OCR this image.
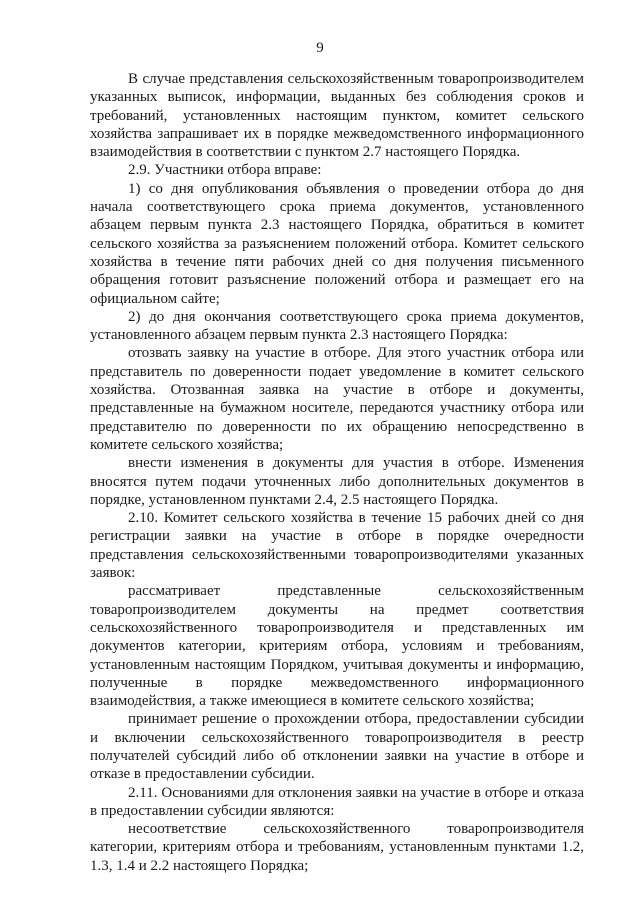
9

В случае представления сельскохозяйственным товаропроизводителем указанных выписок, информации, выданных без соблюдения сроков и требований, установленных настоящим пунктом, комитет сельского хозяйства запрашивает их в порядке межведомственного информационного взаимодействия в соответствии с пунктом 2.7 настоящего Порядка.

2.9. Участники отбора вправе:

1) со дня опубликования объявления о проведении отбора до дня начала соответствующего срока приема документов, установленного абзацем первым пункта 2.3 настоящего Порядка, обратиться в комитет сельского хозяйства за разъяснением положений отбора. Комитет сельского хозяйства в течение пяти рабочих дней со дня получения письменного обращения готовит разъяснение положений отбора и размещает его на официальном сайте;

2) до дня окончания соответствующего срока приема документов, установленного абзацем первым пункта 2.3 настоящего Порядка:

отозвать заявку на участие в отборе. Для этого участник отбора или представитель по доверенности подает уведомление в комитет сельского хозяйства. Отозванная заявка на участие в отборе и документы, представленные на бумажном носителе, передаются участнику отбора или представителю по доверенности по их обращению непосредственно в комитете сельского хозяйства;

внести изменения в документы для участия в отборе. Изменения вносятся путем подачи уточненных либо дополнительных документов в порядке, установленном пунктами 2.4, 2.5 настоящего Порядка.

2.10. Комитет сельского хозяйства в течение 15 рабочих дней со дня регистрации заявки на участие в отборе в порядке очередности представления сельскохозяйственными товаропроизводителями указанных заявок:

рассматривает представленные сельскохозяйственным товаропроизводителем документы на предмет соответствия сельскохозяйственного товаропроизводителя и представленных им документов категории, критериям отбора, условиям и требованиям, установленным настоящим Порядком, учитывая документы и информацию, полученные в порядке межведомственного информационного взаимодействия, а также имеющиеся в комитете сельского хозяйства;

принимает решение о прохождении отбора, предоставлении субсидии и включении сельскохозяйственного товаропроизводителя в реестр получателей субсидий либо об отклонении заявки на участие в отборе и отказе в предоставлении субсидии.

2.11. Основаниями для отклонения заявки на участие в отборе и отказа в предоставлении субсидии являются:

несоответствие сельскохозяйственного товаропроизводителя категории, критериям отбора и требованиям, установленным пунктами 1.2, 1.3, 1.4 и 2.2 настоящего Порядка;
